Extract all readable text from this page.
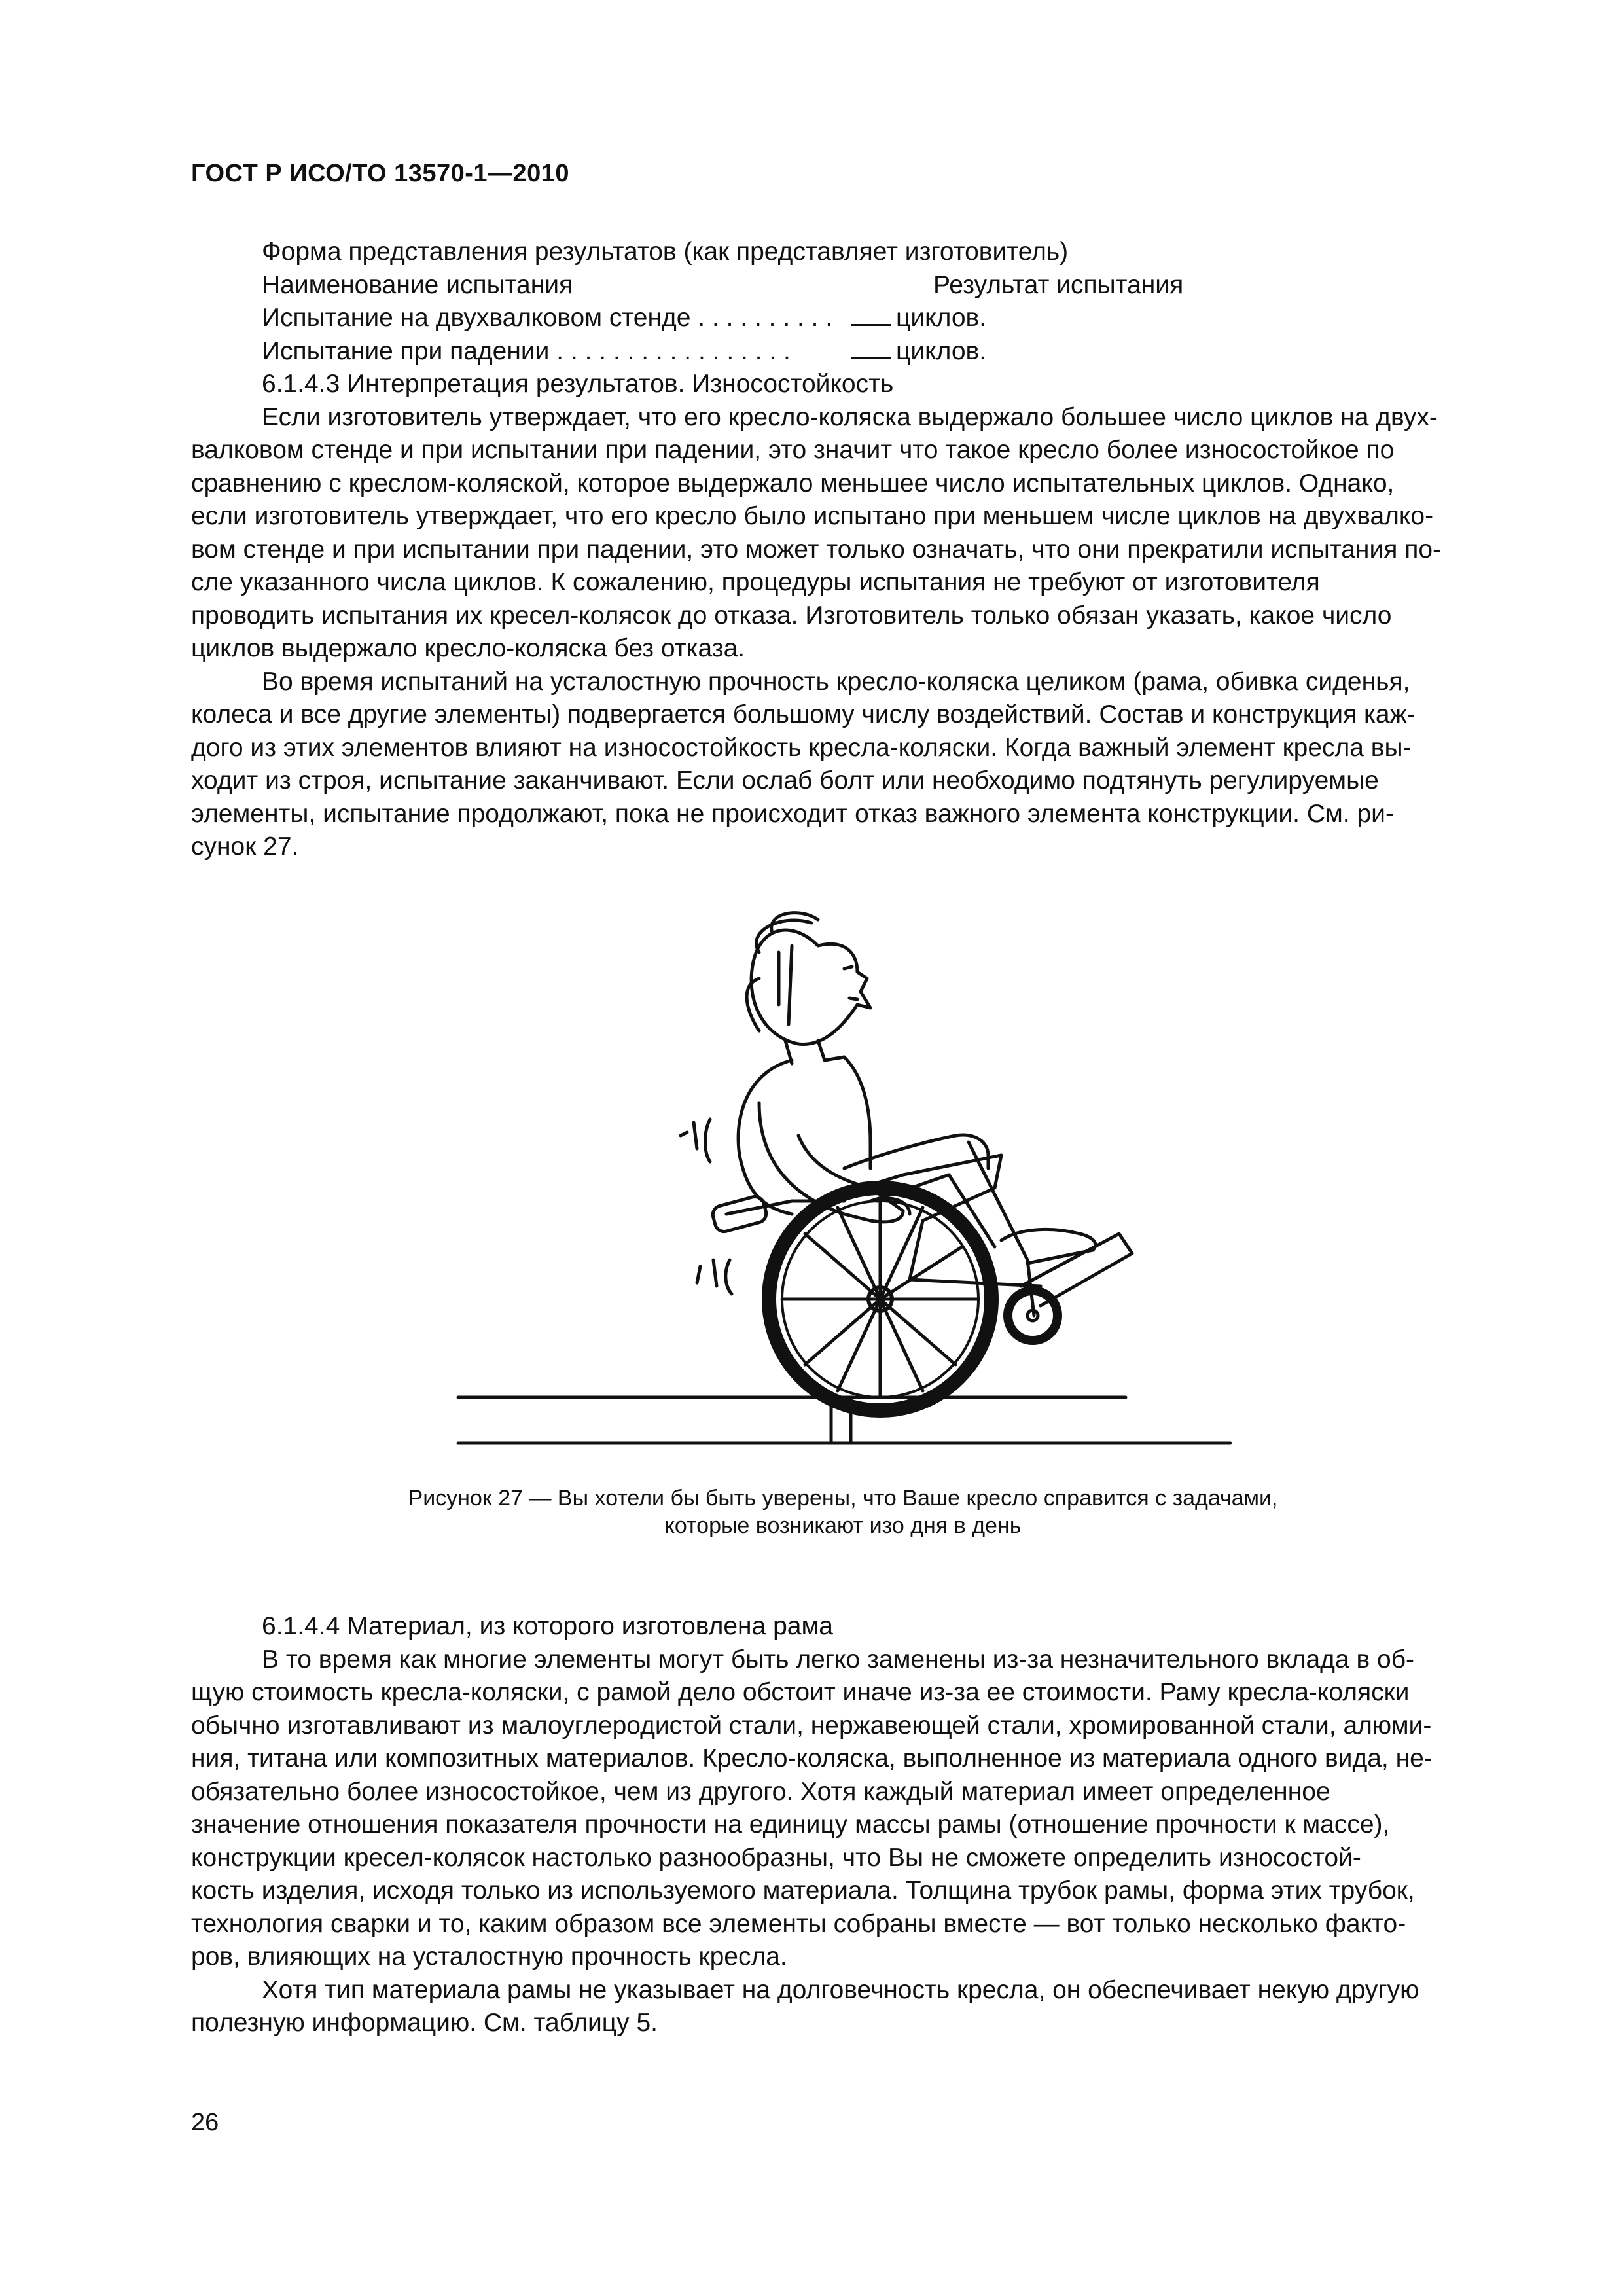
ГОСТ Р ИСО/ТО 13570-1—2010
Форма представления результатов (как представляет изготовитель)
Наименование испытания	Результат испытания
Испытание на двухвалковом стенде . . . . . . . . . .	циклов.
Испытание при падении . . . . . . . . . . . . . . . . .	циклов.
6.1.4.3 Интерпретация результатов. Износостойкость
Если изготовитель утверждает, что его кресло-коляска выдержало большее число циклов на двух-
валковом стенде и при испытании при падении, это значит что такое кресло более износостойкое по
сравнению с креслом-коляской, которое выдержало меньшее число испытательных циклов. Однако,
если изготовитель утверждает, что его кресло было испытано при меньшем числе циклов на двухвалко-
вом стенде и при испытании при падении, это может только означать, что они прекратили испытания по-
сле указанного числа циклов. К сожалению, процедуры испытания не требуют от изготовителя
проводить испытания их кресел-колясок до отказа. Изготовитель только обязан указать, какое число
циклов выдержало кресло-коляска без отказа.
Во время испытаний на усталостную прочность кресло-коляска целиком (рама, обивка сиденья,
колеса и все другие элементы) подвергается большому числу воздействий. Состав и конструкция каж-
дого из этих элементов влияют на износостойкость кресла-коляски. Когда важный элемент кресла вы-
ходит из строя, испытание заканчивают. Если ослаб болт или необходимо подтянуть регулируемые
элементы, испытание продолжают, пока не происходит отказ важного элемента конструкции. См. ри-
сунок 27.
Рисунок 27 — Вы хотели бы быть уверены, что Ваше кресло справится с задачами,
которые возникают изо дня в день
6.1.4.4 Материал, из которого изготовлена рама
В то время как многие элементы могут быть легко заменены из-за незначительного вклада в об-
щую стоимость кресла-коляски, с рамой дело обстоит иначе из-за ее стоимости. Раму кресла-коляски
обычно изготавливают из малоуглеродистой стали, нержавеющей стали, хромированной стали, алюми-
ния, титана или композитных материалов. Кресло-коляска, выполненное из материала одного вида, не-
обязательно более износостойкое, чем из другого. Хотя каждый материал имеет определенное
значение отношения показателя прочности на единицу массы рамы (отношение прочности к массе),
конструкции кресел-колясок настолько разнообразны, что Вы не сможете определить износостой-
кость изделия, исходя только из используемого материала. Толщина трубок рамы, форма этих трубок,
технология сварки и то, каким образом все элементы собраны вместе — вот только несколько факто-
ров, влияющих на усталостную прочность кресла.
Хотя тип материала рамы не указывает на долговечность кресла, он обеспечивает некую другую
полезную информацию. См. таблицу 5.
26
